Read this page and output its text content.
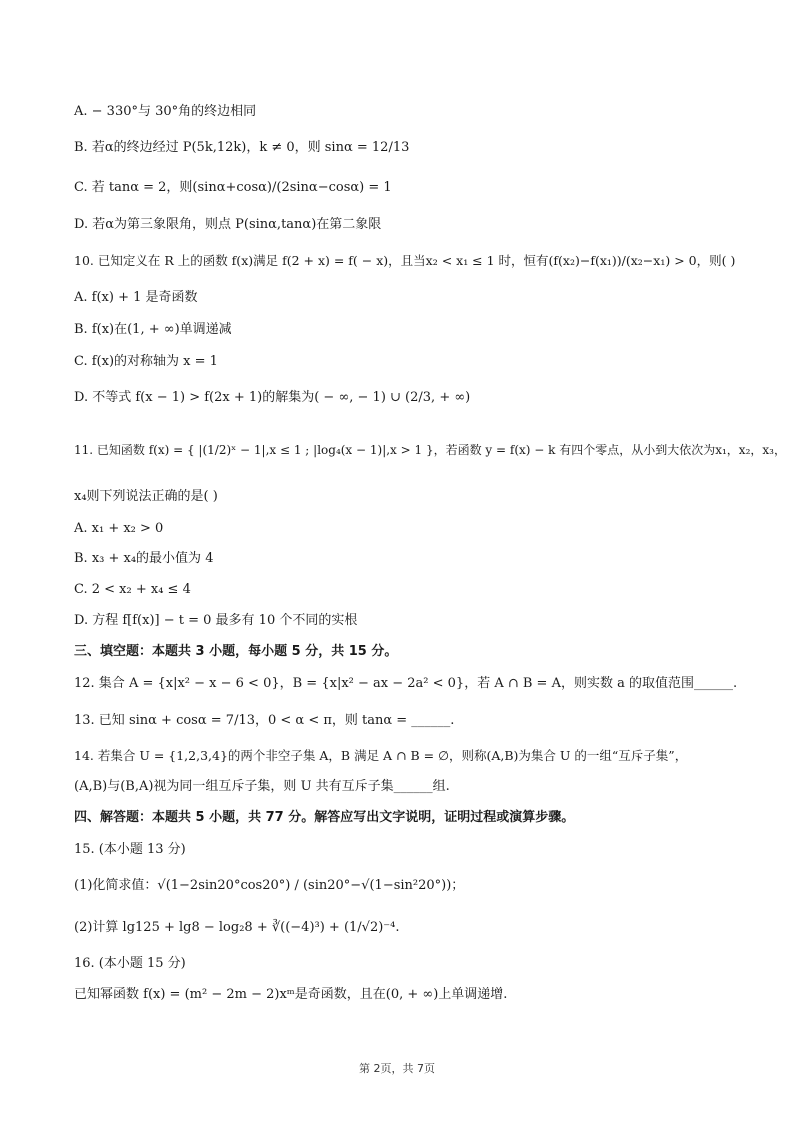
A. − 330°与 30°角的终边相同
B. 若α的终边经过 P(5k,12k)，k ≠ 0，则 sinα = 12/13
C. 若 tanα = 2，则(sinα+cosα)/(2sinα−cosα) = 1
D. 若α为第三象限角，则点 P(sinα,tanα)在第二象限
10. 已知定义在 R 上的函数 f(x)满足 f(2 + x) = f( − x)，且当x₂ < x₁ ≤ 1 时，恒有(f(x₂)−f(x₁))/(x₂−x₁) > 0，则( )
A. f(x) + 1 是奇函数
B. f(x)在(1, + ∞)单调递减
C. f(x)的对称轴为 x = 1
D. 不等式 f(x − 1) > f(2x + 1)的解集为( − ∞, − 1) ∪ (2/3, + ∞)
11. 已知函数 f(x) = { |(1/2)ˣ − 1|,x ≤ 1 ; |log₄(x − 1)|,x > 1 }，若函数 y = f(x) − k 有四个零点，从小到大依次为x₁，x₂，x₃，
x₄则下列说法正确的是( )
A. x₁ + x₂ > 0
B. x₃ + x₄的最小值为 4
C. 2 < x₂ + x₄ ≤ 4
D. 方程 f[f(x)] − t = 0 最多有 10 个不同的实根
三、填空题：本题共 3 小题，每小题 5 分，共 15 分。
12. 集合 A = {x|x² − x − 6 < 0}，B = {x|x² − ax − 2a² < 0}，若 A ∩ B = A，则实数 a 的取值范围______.
13. 已知 sinα + cosα = 7/13，0 < α < π，则 tanα = ______.
14. 若集合 U = {1,2,3,4}的两个非空子集 A，B 满足 A ∩ B = ∅，则称(A,B)为集合 U 的一组“互斥子集”，
(A,B)与(B,A)视为同一组互斥子集，则 U 共有互斥子集______组.
四、解答题：本题共 5 小题，共 77 分。解答应写出文字说明，证明过程或演算步骤。
15. (本小题 13 分)
(1)化简求值：√(1−2sin20°cos20°) / (sin20°−√(1−sin²20°))；
(2)计算 lg125 + lg8 − log₂8 + ∛((−4)³) + (1/√2)⁻⁴.
16. (本小题 15 分)
已知幂函数 f(x) = (m² − 2m − 2)xᵐ是奇函数，且在(0, + ∞)上单调递增.
第 2页，共 7页
